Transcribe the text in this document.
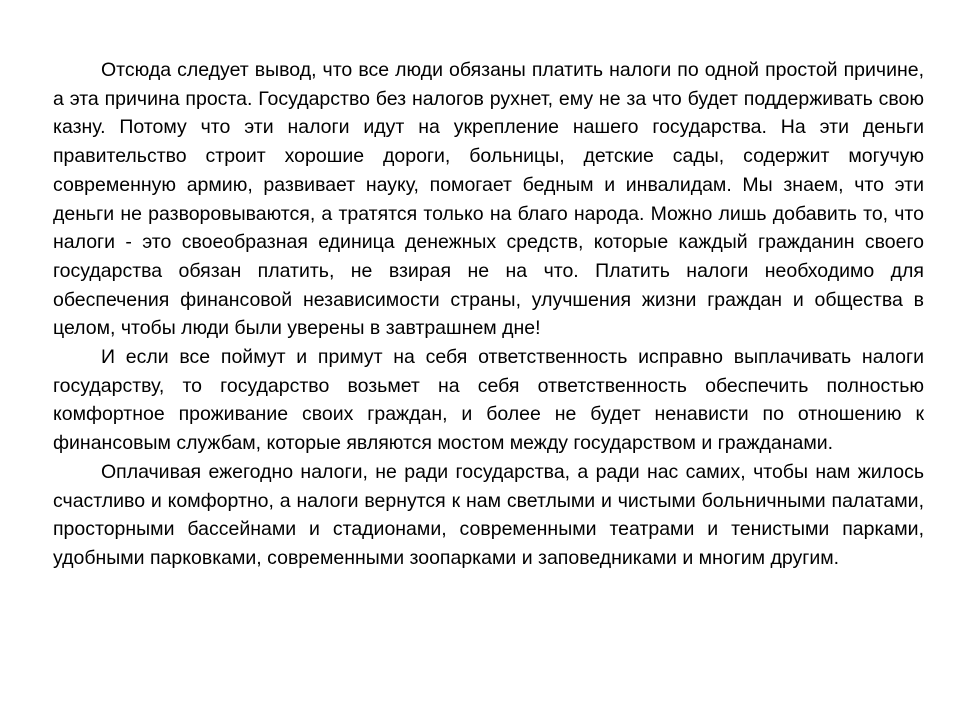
Отсюда следует вывод, что все люди обязаны платить налоги по одной простой причине, а эта причина проста. Государство без налогов рухнет, ему не за что будет поддерживать свою казну. Потому что эти налоги идут на укрепление нашего государства. На эти деньги правительство строит хорошие дороги, больницы, детские сады, содержит могучую современную армию, развивает науку, помогает бедным и инвалидам. Мы знаем, что эти деньги не разворовываются, а тратятся только на благо народа. Можно лишь добавить то, что налоги - это своеобразная единица денежных средств, которые каждый гражданин своего государства обязан платить, не взирая не на что. Платить налоги необходимо для обеспечения финансовой независимости страны, улучшения жизни граждан и общества в целом, чтобы люди были уверены в завтрашнем дне!

И если все поймут и примут на себя ответственность исправно выплачивать налоги государству, то государство возьмет на себя ответственность обеспечить полностью комфортное проживание своих граждан, и более не будет ненависти по отношению к финансовым службам, которые являются мостом между государством и гражданами.

Оплачивая ежегодно налоги, не ради государства, а ради нас самих, чтобы нам жилось счастливо и комфортно, а налоги вернутся к нам светлыми и чистыми больничными палатами, просторными бассейнами и стадионами, современными театрами и тенистыми парками, удобными парковками, современными зоопарками и заповедниками и многим другим.
